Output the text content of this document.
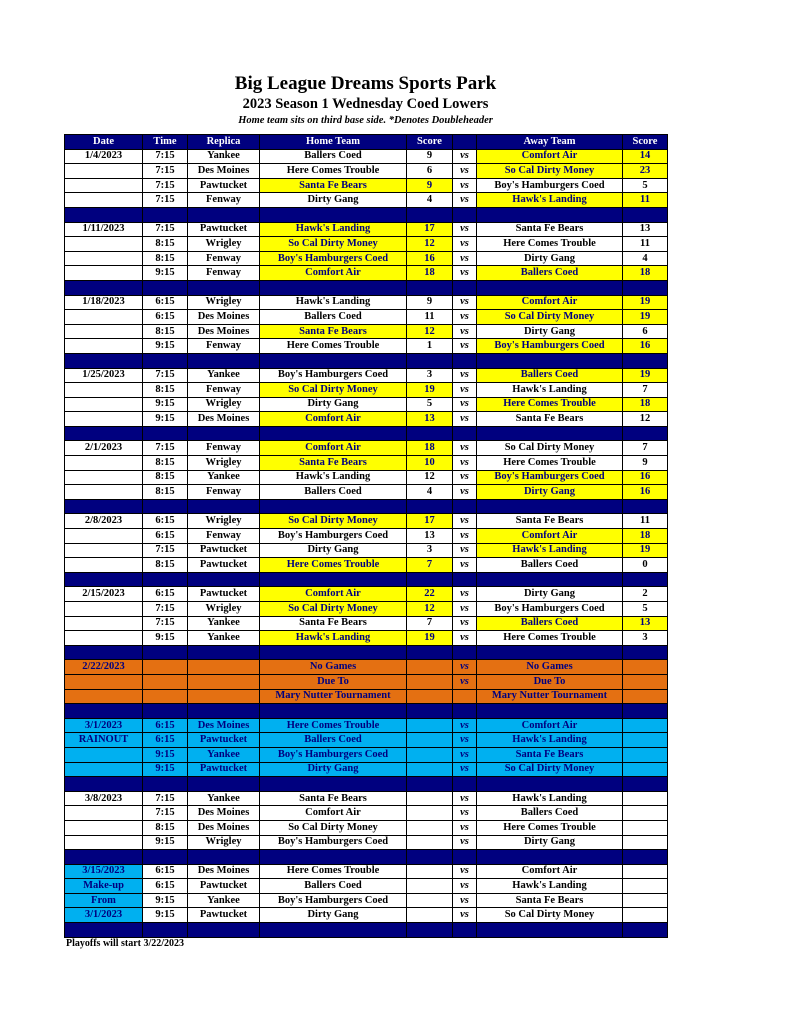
Big League Dreams Sports Park
2023 Season 1 Wednesday Coed Lowers
Home team sits on third base side. *Denotes Doubleheader
Date	Time	Replica	Home Team	Score		Away Team	Score
1/4/2023	7:15	Yankee	Ballers Coed	9	vs	Comfort Air	14
	7:15	Des Moines	Here Comes Trouble	6	vs	So Cal Dirty Money	23
	7:15	Pawtucket	Santa Fe Bears	9	vs	Boy's Hamburgers Coed	5
	7:15	Fenway	Dirty Gang	4	vs	Hawk's Landing	11

1/11/2023	7:15	Pawtucket	Hawk's Landing	17	vs	Santa Fe Bears	13
	8:15	Wrigley	So Cal Dirty Money	12	vs	Here Comes Trouble	11
	8:15	Fenway	Boy's Hamburgers Coed	16	vs	Dirty Gang	4
	9:15	Fenway	Comfort Air	18	vs	Ballers Coed	18

1/18/2023	6:15	Wrigley	Hawk's Landing	9	vs	Comfort Air	19
	6:15	Des Moines	Ballers Coed	11	vs	So Cal Dirty Money	19
	8:15	Des Moines	Santa Fe Bears	12	vs	Dirty Gang	6
	9:15	Fenway	Here Comes Trouble	1	vs	Boy's Hamburgers Coed	16

1/25/2023	7:15	Yankee	Boy's Hamburgers Coed	3	vs	Ballers Coed	19
	8:15	Fenway	So Cal Dirty Money	19	vs	Hawk's Landing	7
	9:15	Wrigley	Dirty Gang	5	vs	Here Comes Trouble	18
	9:15	Des Moines	Comfort Air	13	vs	Santa Fe Bears	12

2/1/2023	7:15	Fenway	Comfort Air	18	vs	So Cal Dirty Money	7
	8:15	Wrigley	Santa Fe Bears	10	vs	Here Comes Trouble	9
	8:15	Yankee	Hawk's Landing	12	vs	Boy's Hamburgers Coed	16
	8:15	Fenway	Ballers Coed	4	vs	Dirty Gang	16

2/8/2023	6:15	Wrigley	So Cal Dirty Money	17	vs	Santa Fe Bears	11
	6:15	Fenway	Boy's Hamburgers Coed	13	vs	Comfort Air	18
	7:15	Pawtucket	Dirty Gang	3	vs	Hawk's Landing	19
	8:15	Pawtucket	Here Comes Trouble	7	vs	Ballers Coed	0

2/15/2023	6:15	Pawtucket	Comfort Air	22	vs	Dirty Gang	2
	7:15	Wrigley	So Cal Dirty Money	12	vs	Boy's Hamburgers Coed	5
	7:15	Yankee	Santa Fe Bears	7	vs	Ballers Coed	13
	9:15	Yankee	Hawk's Landing	19	vs	Here Comes Trouble	3

2/22/2023			No Games		vs	No Games	
			Due To		vs	Due To	
			Mary Nutter Tournament			Mary Nutter Tournament	

3/1/2023	6:15	Des Moines	Here Comes Trouble		vs	Comfort Air	
RAINOUT	6:15	Pawtucket	Ballers Coed		vs	Hawk's Landing	
	9:15	Yankee	Boy's Hamburgers Coed		vs	Santa Fe Bears	
	9:15	Pawtucket	Dirty Gang		vs	So Cal Dirty Money	

3/8/2023	7:15	Yankee	Santa Fe Bears		vs	Hawk's Landing	
	7:15	Des Moines	Comfort Air		vs	Ballers Coed	
	8:15	Des Moines	So Cal Dirty Money		vs	Here Comes Trouble	
	9:15	Wrigley	Boy's Hamburgers Coed		vs	Dirty Gang	

3/15/2023	6:15	Des Moines	Here Comes Trouble		vs	Comfort Air	
Make-up	6:15	Pawtucket	Ballers Coed		vs	Hawk's Landing	
From	9:15	Yankee	Boy's Hamburgers Coed		vs	Santa Fe Bears	
3/1/2023	9:15	Pawtucket	Dirty Gang		vs	So Cal Dirty Money	

Playoffs will start 3/22/2023
